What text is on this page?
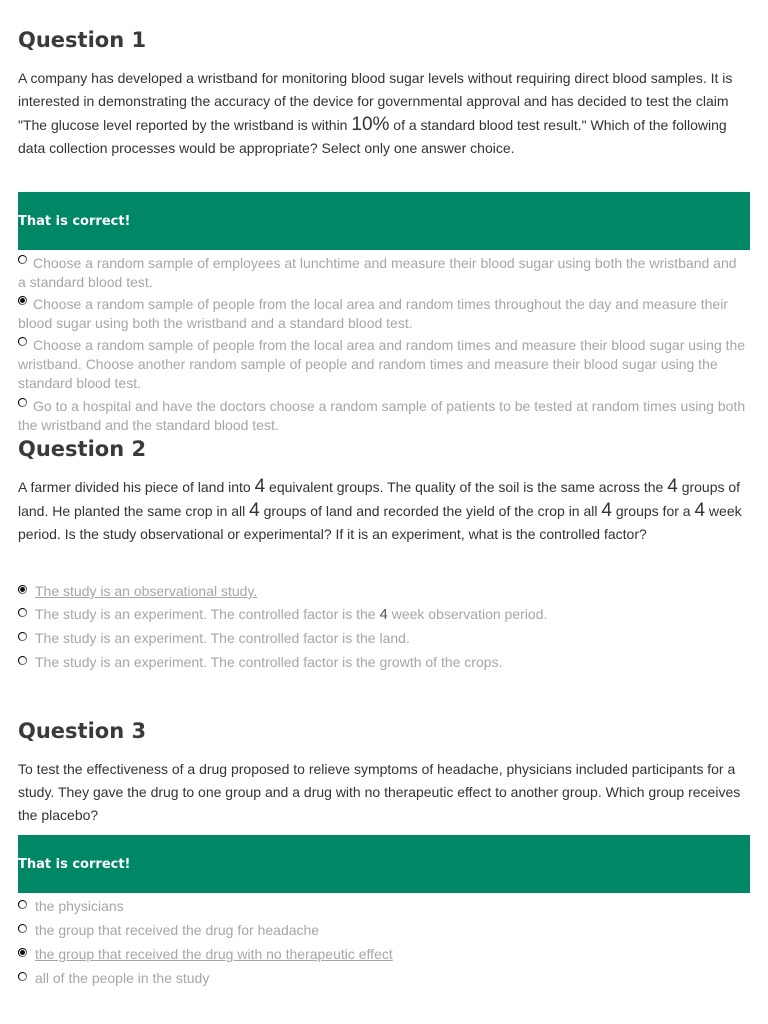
Question 1

A company has developed a wristband for monitoring blood sugar levels without requiring direct blood samples. It is interested in demonstrating the accuracy of the device for governmental approval and has decided to test the claim "The glucose level reported by the wristband is within 10% of a standard blood test result." Which of the following data collection processes would be appropriate? Select only one answer choice.

That is correct!
Choose a random sample of employees at lunchtime and measure their blood sugar using both the wristband and a standard blood test.
Choose a random sample of people from the local area and random times throughout the day and measure their blood sugar using both the wristband and a standard blood test.
Choose a random sample of people from the local area and random times and measure their blood sugar using the wristband. Choose another random sample of people and random times and measure their blood sugar using the standard blood test.
Go to a hospital and have the doctors choose a random sample of patients to be tested at random times using both the wristband and the standard blood test.
Question 2

A farmer divided his piece of land into 4 equivalent groups. The quality of the soil is the same across the 4 groups of land. He planted the same crop in all 4 groups of land and recorded the yield of the crop in all 4 groups for a 4 week period. Is the study observational or experimental? If it is an experiment, what is the controlled factor?

The study is an observational study.
The study is an experiment. The controlled factor is the 4 week observation period.
The study is an experiment. The controlled factor is the land.
The study is an experiment. The controlled factor is the growth of the crops.
Question 3

To test the effectiveness of a drug proposed to relieve symptoms of headache, physicians included participants for a study. They gave the drug to one group and a drug with no therapeutic effect to another group. Which group receives the placebo?

That is correct!
the physicians
the group that received the drug for headache
the group that received the drug with no therapeutic effect
all of the people in the study
